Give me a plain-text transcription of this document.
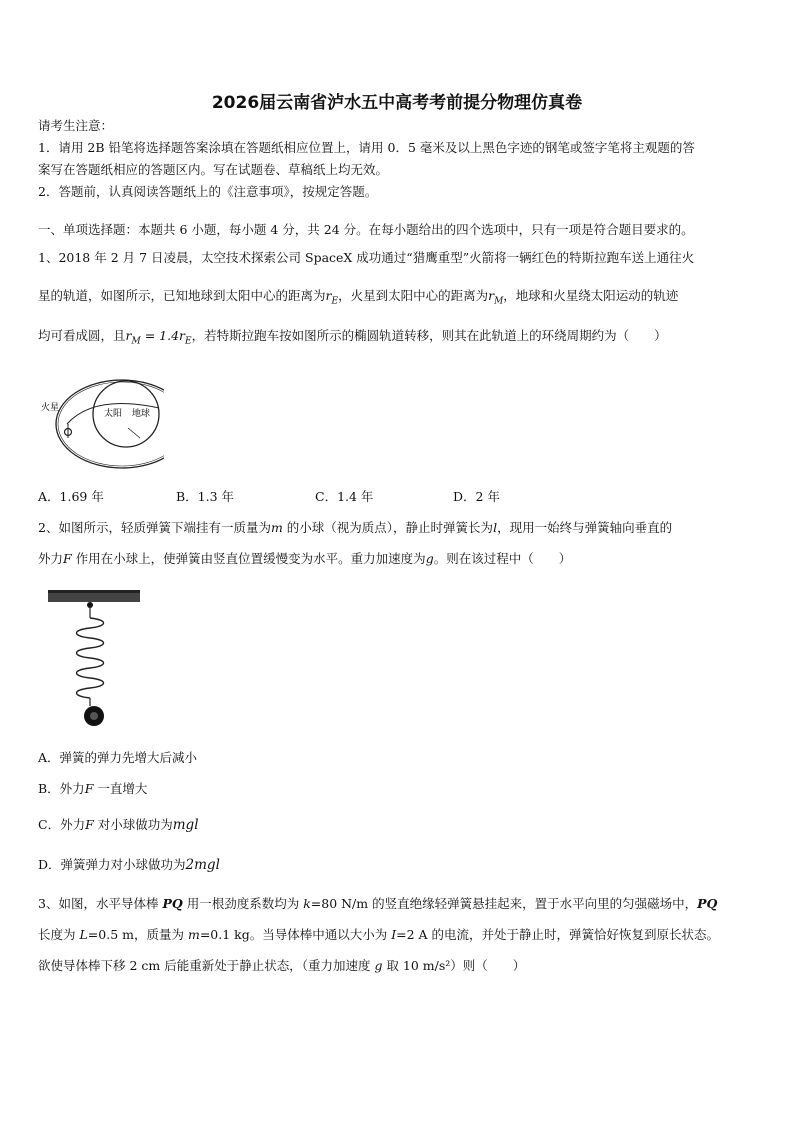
2026届云南省泸水五中高考考前提分物理仿真卷
请考生注意：
1．请用 2B 铅笔将选择题答案涂填在答题纸相应位置上，请用 0．5 毫米及以上黑色字迹的钢笔或签字笔将主观题的答
案写在答题纸相应的答题区内。写在试题卷、草稿纸上均无效。
2．答题前，认真阅读答题纸上的《注意事项》，按规定答题。
一、单项选择题：本题共 6 小题，每小题 4 分，共 24 分。在每小题给出的四个选项中，只有一项是符合题目要求的。
1、2018 年 2 月 7 日凌晨，太空技术探索公司 SpaceX 成功通过“猎鹰重型”火箭将一辆红色的特斯拉跑车送上通往火
星的轨道，如图所示，已知地球到太阳中心的距离为$r_E$，火星到太阳中心的距离为$r_M$，地球和火星绕太阳运动的轨迹
均可看成圆，且$r_M = 1.4r_E$，若特斯拉跑车按如图所示的椭圆轨道转移，则其在此轨道上的环绕周期约为（　　）
火星
太阳 地球
A．1.69 年	B．1.3 年	C．1.4 年	D．2 年
2、如图所示，轻质弹簧下端挂有一质量为m 的小球（视为质点），静止时弹簧长为l，现用一始终与弹簧轴向垂直的
外力F 作用在小球上，使弹簧由竖直位置缓慢变为水平。重力加速度为g。则在该过程中（　　）
A．弹簧的弹力先增大后减小
B．外力F 一直增大
C．外力F 对小球做功为mgl
D．弹簧弹力对小球做功为2mgl
3、如图，水平导体棒 PQ 用一根劲度系数均为 k=80 N/m 的竖直绝缘轻弹簧悬挂起来，置于水平向里的匀强磁场中，PQ
长度为 L=0.5 m，质量为 m=0.1 kg。当导体棒中通以大小为 I=2 A 的电流，并处于静止时，弹簧恰好恢复到原长状态。
欲使导体棒下移 2 cm 后能重新处于静止状态，（重力加速度 g 取 10 m/s²）则（　　）
